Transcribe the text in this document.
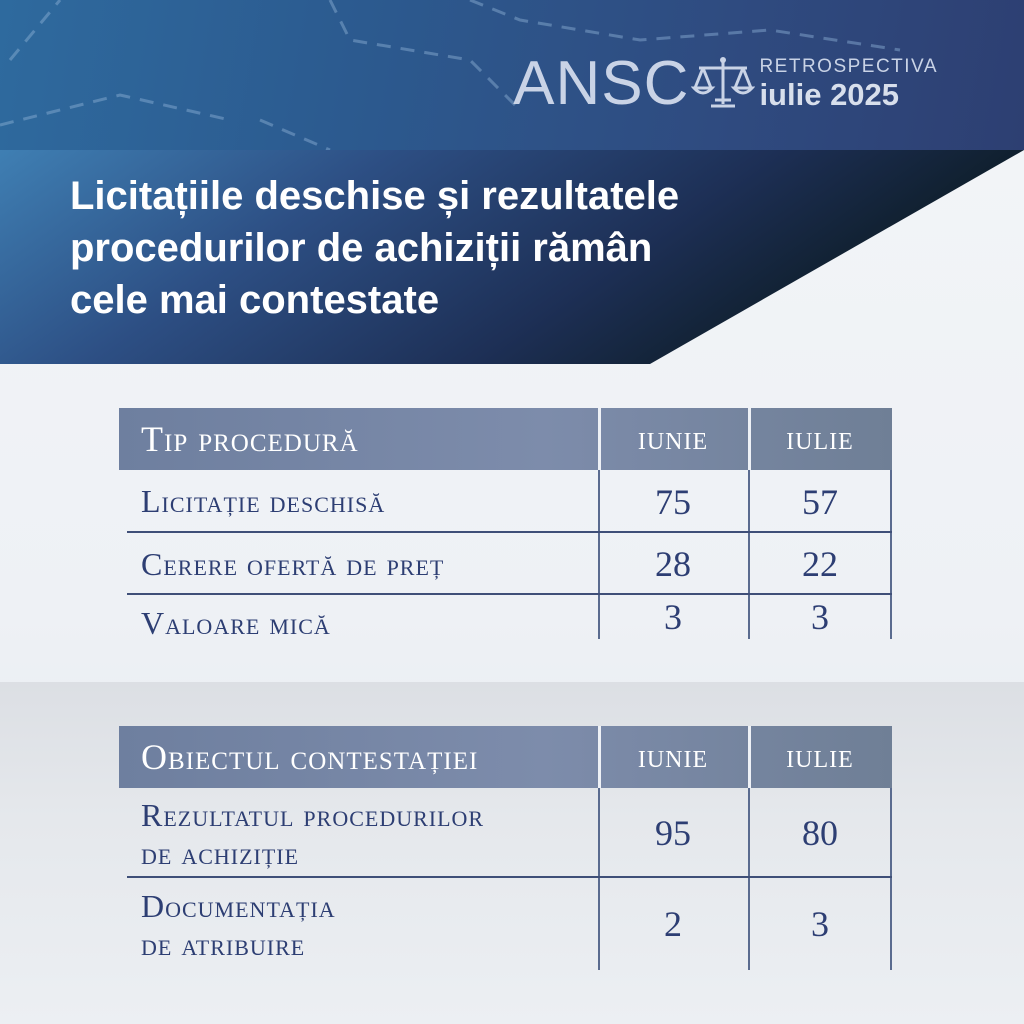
ANSC	RETROSPECTIVA
iulie 2025
Licitațiile deschise și rezultatele
procedurilor de achiziții rămân
cele mai contestate
Tip procedură	iunie	iulie
Licitație deschisă	75	57
Cerere ofertă de preț	28	22
Valoare mică	3	3
Obiectul contestației	iunie	iulie
Rezultatul procedurilor
de achiziție	95	80
Documentația
de atribuire	2	3
